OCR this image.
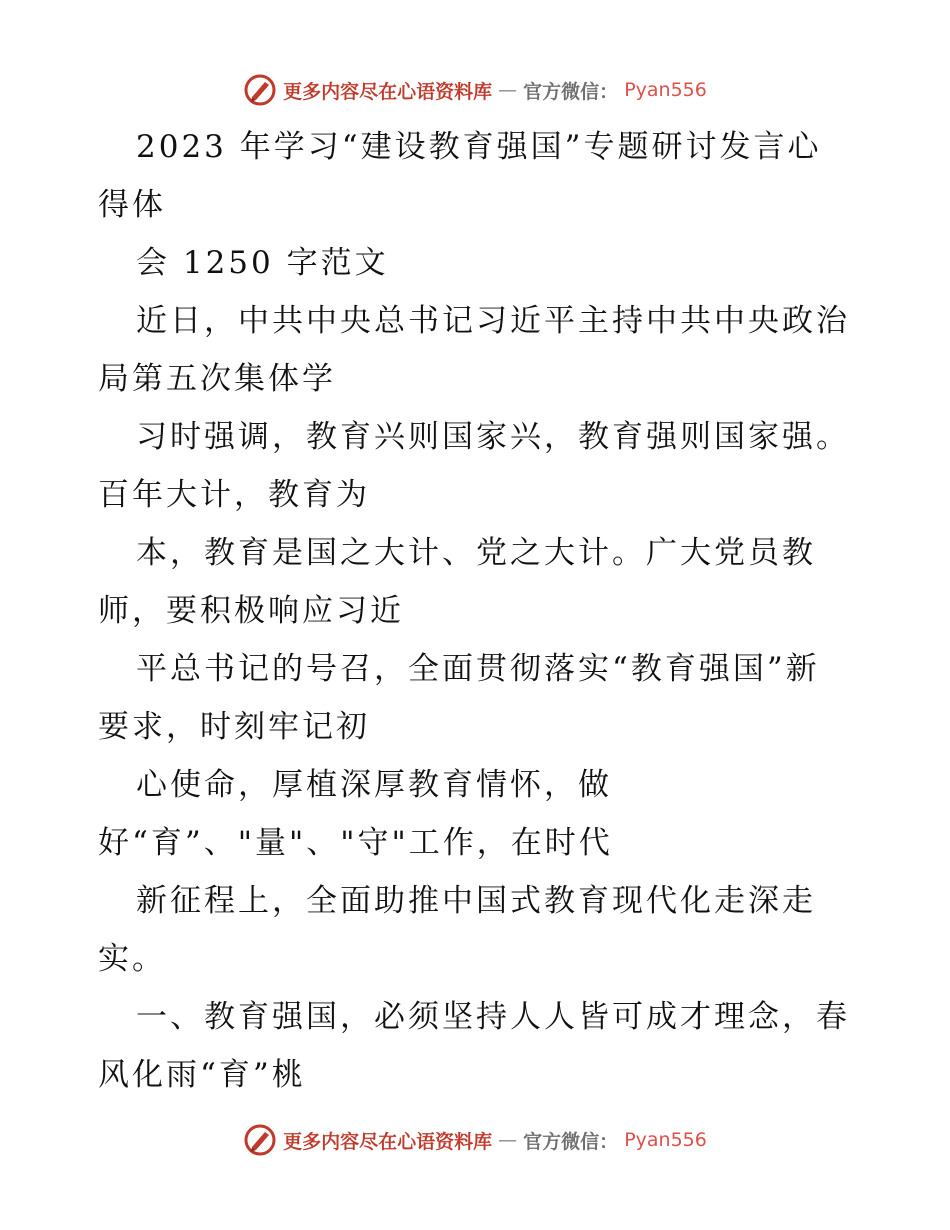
更多内容尽在心语资料库 — 官方微信： Pyan556
2023 年学习“建设教育强国”专题研讨发言心
得体
会 1250 字范文
近日，中共中央总书记习近平主持中共中央政治
局第五次集体学
习时强调，教育兴则国家兴，教育强则国家强。
百年大计，教育为
本，教育是国之大计、党之大计。广大党员教
师，要积极响应习近
平总书记的号召，全面贯彻落实“教育强国”新
要求，时刻牢记初
心使命，厚植深厚教育情怀，做
好“育”、"量"、"守"工作，在时代
新征程上，全面助推中国式教育现代化走深走
实。
一、教育强国，必须坚持人人皆可成才理念，春
风化雨“育”桃
更多内容尽在心语资料库 — 官方微信： Pyan556
